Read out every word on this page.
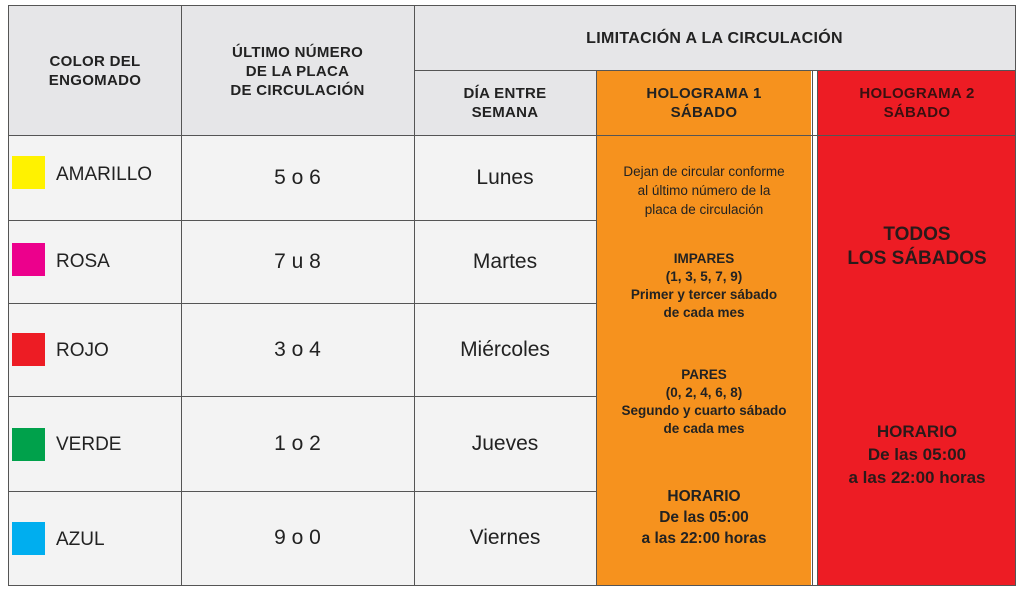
COLOR DEL
ENGOMADO
ÚLTIMO NÚMERO
DE LA PLACA
DE CIRCULACIÓN
LIMITACIÓN A LA CIRCULACIÓN
DÍA ENTRE
SEMANA
HOLOGRAMA 1
SÁBADO
HOLOGRAMA 2
SÁBADO
AMARILLO
ROSA
ROJO
VERDE
AZUL
5 o 6
7 u 8
3 o 4
1 o 2
9 o 0
Lunes
Martes
Miércoles
Jueves
Viernes
Dejan de circular conforme
al último número de la
placa de circulación
IMPARES
(1, 3, 5, 7, 9)
Primer y tercer sábado
de cada mes
PARES
(0, 2, 4, 6, 8)
Segundo y cuarto sábado
de cada mes
HORARIO
De las 05:00
a las 22:00 horas
TODOS
LOS SÁBADOS
HORARIO
De las 05:00
a las 22:00 horas
